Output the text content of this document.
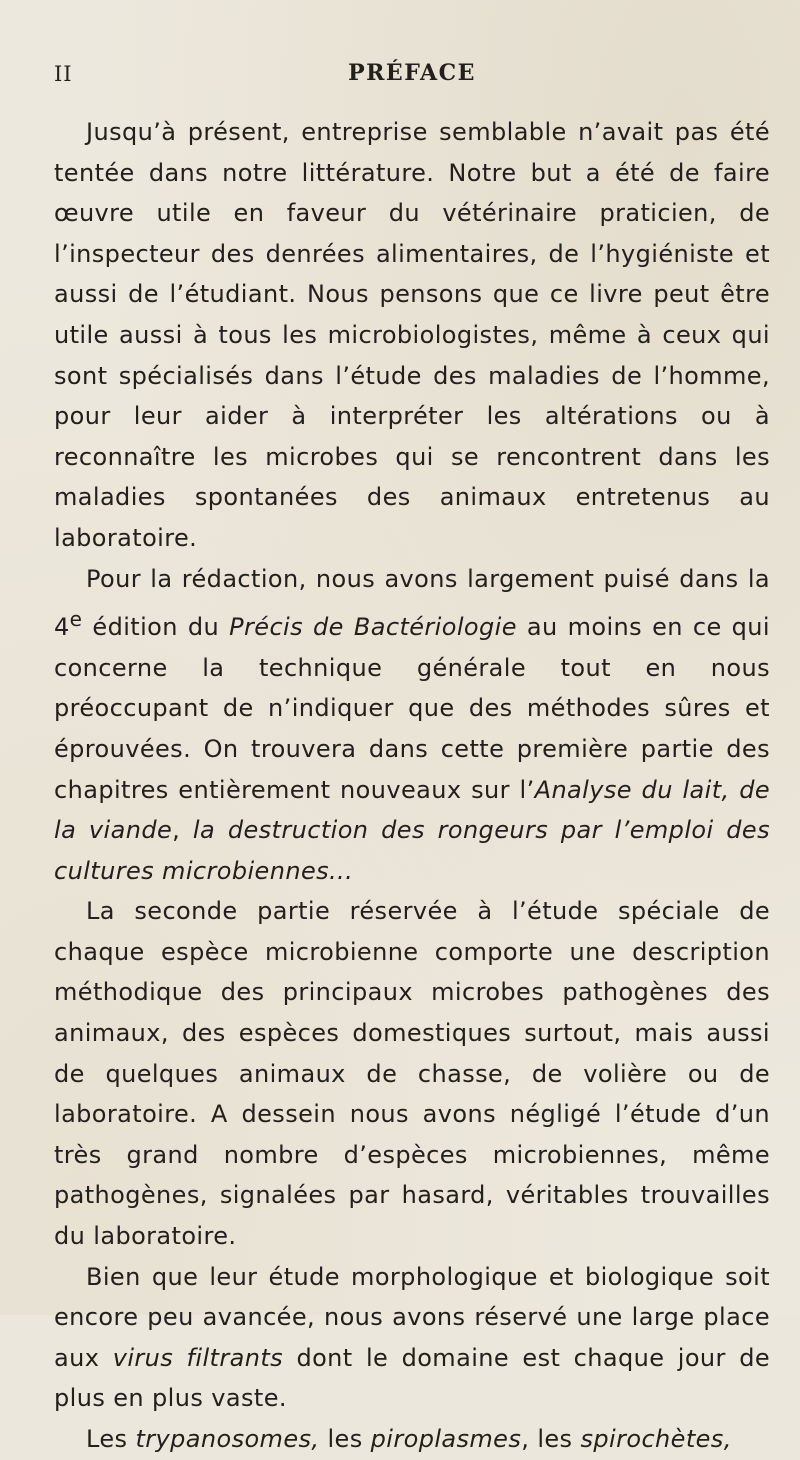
II	PRÉFACE

Jusqu’à présent, entreprise semblable n’avait pas été tentée dans notre littérature. Notre but a été de faire œuvre utile en faveur du vétérinaire praticien, de l’inspecteur des denrées alimentaires, de l’hygiéniste et aussi de l’étudiant. Nous pensons que ce livre peut être utile aussi à tous les microbiologistes, même à ceux qui sont spécialisés dans l’étude des maladies de l’homme, pour leur aider à interpréter les altérations ou à reconnaître les microbes qui se rencontrent dans les maladies spontanées des animaux entretenus au laboratoire.

Pour la rédaction, nous avons largement puisé dans la 4e édition du Précis de Bactériologie au moins en ce qui concerne la technique générale tout en nous préoccupant de n’indiquer que des méthodes sûres et éprouvées. On trouvera dans cette première partie des chapitres entièrement nouveaux sur l’Analyse du lait, de la viande, la destruction des rongeurs par l’emploi des cultures microbiennes...

La seconde partie réservée à l’étude spéciale de chaque espèce microbienne comporte une description méthodique des principaux microbes pathogènes des animaux, des espèces domestiques surtout, mais aussi de quelques animaux de chasse, de volière ou de laboratoire. A dessein nous avons négligé l’étude d’un très grand nombre d’espèces microbiennes, même pathogènes, signalées par hasard, véritables trouvailles du laboratoire.

Bien que leur étude morphologique et biologique soit encore peu avancée, nous avons réservé une large place aux virus filtrants dont le domaine est chaque jour de plus en plus vaste.

Les trypanosomes, les piroplasmes, les spirochètes,
